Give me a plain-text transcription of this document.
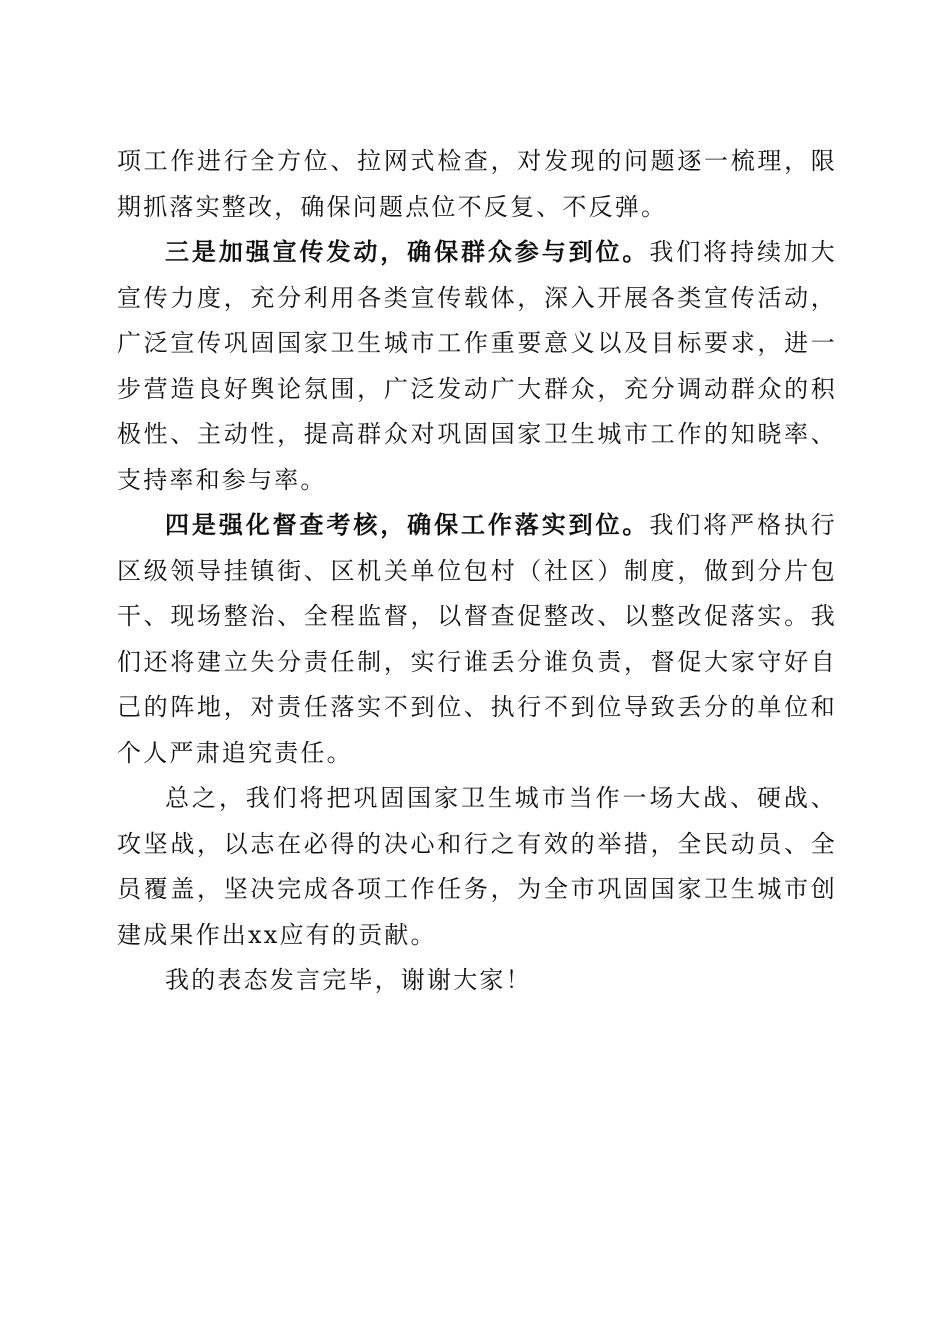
项工作进行全方位、拉网式检查，对发现的问题逐一梳理，限期抓落实整改，确保问题点位不反复、不反弹。

三是加强宣传发动，确保群众参与到位。我们将持续加大宣传力度，充分利用各类宣传载体，深入开展各类宣传活动，广泛宣传巩固国家卫生城市工作重要意义以及目标要求，进一步营造良好舆论氛围，广泛发动广大群众，充分调动群众的积极性、主动性，提高群众对巩固国家卫生城市工作的知晓率、支持率和参与率。

四是强化督查考核，确保工作落实到位。我们将严格执行区级领导挂镇街、区机关单位包村（社区）制度，做到分片包干、现场整治、全程监督，以督查促整改、以整改促落实。我们还将建立失分责任制，实行谁丢分谁负责，督促大家守好自己的阵地，对责任落实不到位、执行不到位导致丢分的单位和个人严肃追究责任。

总之，我们将把巩固国家卫生城市当作一场大战、硬战、攻坚战，以志在必得的决心和行之有效的举措，全民动员、全员覆盖，坚决完成各项工作任务，为全市巩固国家卫生城市创建成果作出xx应有的贡献。

我的表态发言完毕，谢谢大家！
